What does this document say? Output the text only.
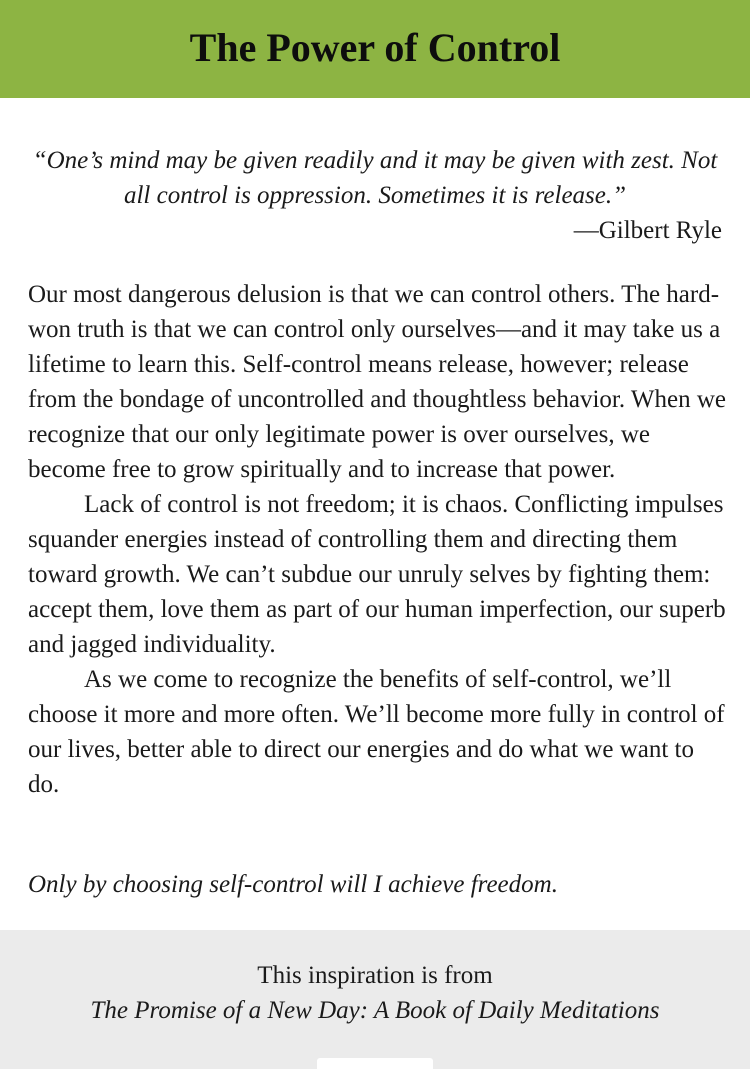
The Power of Control
“One’s mind may be given readily and it may be given with zest. Not all control is oppression. Sometimes it is release.”
—Gilbert Ryle

Our most dangerous delusion is that we can control others. The hard-won truth is that we can control only ourselves—and it may take us a lifetime to learn this. Self-control means release, however; release from the bondage of uncontrolled and thoughtless behavior. When we recognize that our only legitimate power is over ourselves, we become free to grow spiritually and to increase that power.

Lack of control is not freedom; it is chaos. Conflicting impulses squander energies instead of controlling them and directing them toward growth. We can’t subdue our unruly selves by fighting them: accept them, love them as part of our human imperfection, our superb and jagged individuality.

As we come to recognize the benefits of self-control, we’ll choose it more and more often. We’ll become more fully in control of our lives, better able to direct our energies and do what we want to do.

Only by choosing self-control will I achieve freedom.
This inspiration is from
The Promise of a New Day: A Book of Daily Meditations
